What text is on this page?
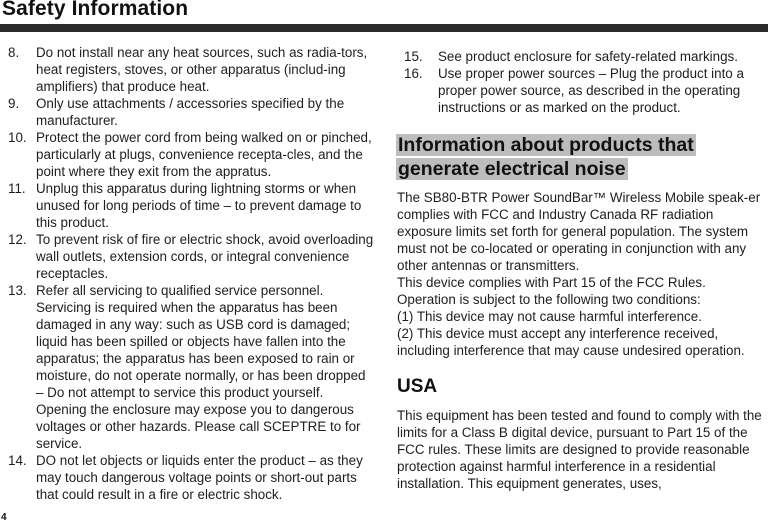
Safety Information
8.	Do not install near any heat sources, such as radia-tors, heat registers, stoves, or other apparatus (includ-ing amplifiers) that produce heat.
9.	Only use attachments / accessories specified by the manufacturer.
10. Protect the power cord from being walked on or pinched, particularly at plugs, convenience recepta-cles, and the point where they exit from the appratus.
11. Unplug this apparatus during lightning storms or when unused for long periods of time – to prevent damage to this product.
12. To prevent risk of fire or electric shock, avoid overloading wall outlets, extension cords, or integral convenience receptacles.
13. Refer all servicing to qualified service personnel. Servicing is required when the apparatus has been damaged in any way: such as USB cord is damaged; liquid has been spilled or objects have fallen into the apparatus; the apparatus has been exposed to rain or moisture, do not operate normally, or has been dropped – Do not attempt to service this product yourself. Opening the enclosure may expose you to dangerous voltages or other hazards. Please call SCEPTRE to for service.
14. DO not let objects or liquids enter the product – as they may touch dangerous voltage points or short-out parts that could result in a fire or electric shock.
15.	See product enclosure for safety-related markings.
16.	Use proper power sources – Plug the product into a proper power source, as described in the operating instructions or as marked on the product.
Information about products that
generate electrical noise

The SB80-BTR Power SoundBar™ Wireless Mobile speak-er complies with FCC and Industry Canada RF radiation exposure limits set forth for general population. The system must not be co-located or operating in conjunction with any other antennas or transmitters.

This device complies with Part 15 of the FCC Rules.

Operation is subject to the following two conditions:

(1) This device may not cause harmful interference.

(2) This device must accept any interference received, including interference that may cause undesired operation.

USA

This equipment has been tested and found to comply with the limits for a Class B digital device, pursuant to Part 15 of the FCC rules. These limits are designed to provide reasonable protection against harmful interference in a residential installation. This equipment generates, uses,

4
